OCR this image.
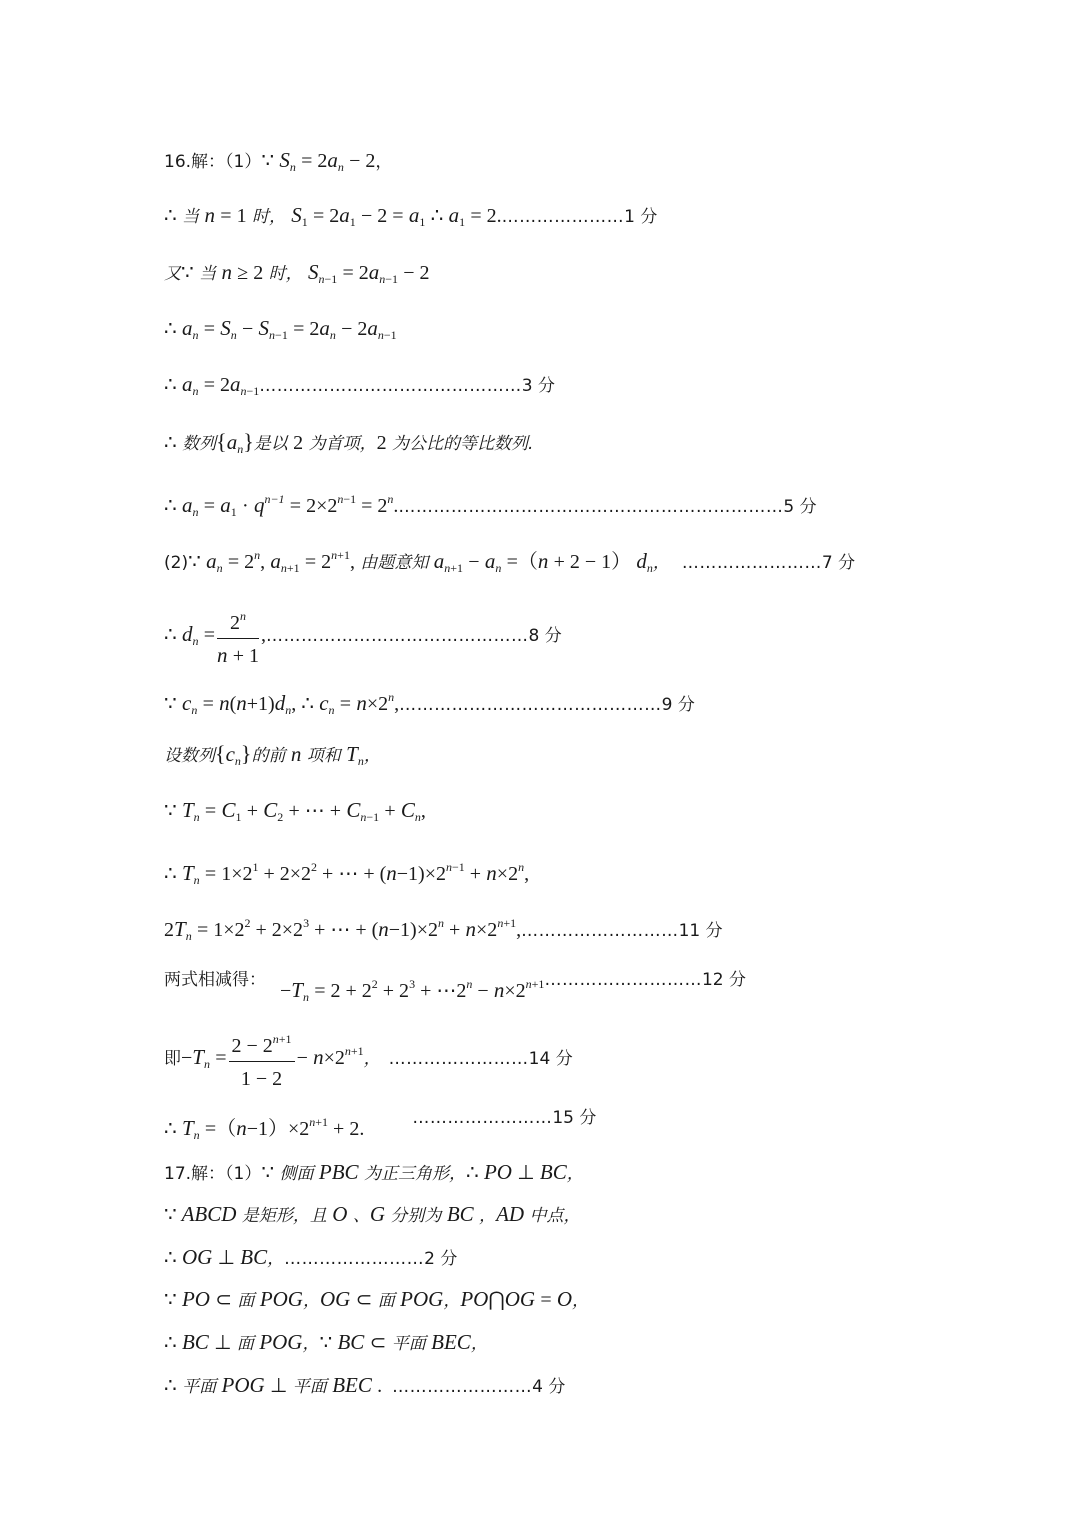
16.解：（1）∵ $S_n = 2a_n - 2$，
∴ 当 n = 1 时， $S_1 = 2a_1 - 2 = a_1$ ∴ $a_1$ = 2.…………………1 分
又∵ 当 n ≥ 2 时， $S_{n-1} = 2a_{n-1} - 2$
∴ $a_n = S_n - S_{n-1} = 2a_n - 2a_{n-1}$
∴ $a_n$ = $2a_{n-1}\dots\dots\dots\dots\dots\dots\dots\dots\dots\dots\dots\dots\dots\dots\dots 3$ 分
∴ 数列$\{a_n\}$是以 2 为首项，2 为公比的等比数列.
∴ $a_n = a_1 \cdot q^{n-1} = 2\times 2^{n-1}$ = $2^n.\dots\dots\dots\dots\dots\dots\dots\dots\dots\dots\dots\dots\dots\dots\dots\dots\dots\dots\dots\dots\dots\dots 5$ 分
(2)∵ $a_n = 2^n$, $a_{n+1} = 2^{n+1}$, 由题意知 $a_{n+1} - a_n =(n + 2 - 1)$ $d_n$， ……………………7 分
∴ $d_n = \frac{2^n}{n + 1}$ ,………………………………………8 分
∵ $c_n = n(n+1)d_n$, ∴ $c_n$ = $n\times 2^n,\dots\dots\dots\dots\dots\dots\dots\dots\dots\dots\dots\dots\dots\dots\dots 9$ 分
设数列$\{c_n\}$的前 n 项和 $T_n$，
∵ $T_n = C_1 + C_2$ + ⋯ + $C_{n-1} + C_n$,
∴ $T_n = 1\times 2^1 + 2\times 2^2$ + ⋯ + $(n-1)\times 2^{n-1} + n\times 2^n$,
$2T_n = 1\times 2^2 + 2\times 2^3$ + ⋯ + $(n-1)\times 2^n$ + $n\times 2^{n+1},\dots\dots\dots\dots\dots\dots\dots\dots\dots 11$ 分
两式相减得： $-T_n = 2 + 2^2 + 2^3$ + $\cdots 2^n$ − $n\times 2^{n+1}\dots\dots\dots\dots\dots\dots\dots\dots\dots 12$ 分
即$-T_n = \frac{2 - 2^{n+1}}{1 - 2} - n\times 2^{n+1}$， ……………………14 分
∴ $T_n =(n-1)\times 2^{n+1} + 2$.	……………………15 分
17.解：（1）∵ 侧面 PBC 为正三角形，∴ PO ⊥ BC，
∵ ABCD 是矩形，且 O 、G 分别为 BC ，AD 中点，
∴ OG ⊥ BC，……………………2 分
∵ PO ⊂ 面 POG，OG ⊂ 面 POG，PO⋂OG = O，
∴ BC ⊥ 面 POG，∵ BC ⊂ 平面 BEC，
∴ 平面 POG ⊥ 平面 BEC . ……………………4 分
